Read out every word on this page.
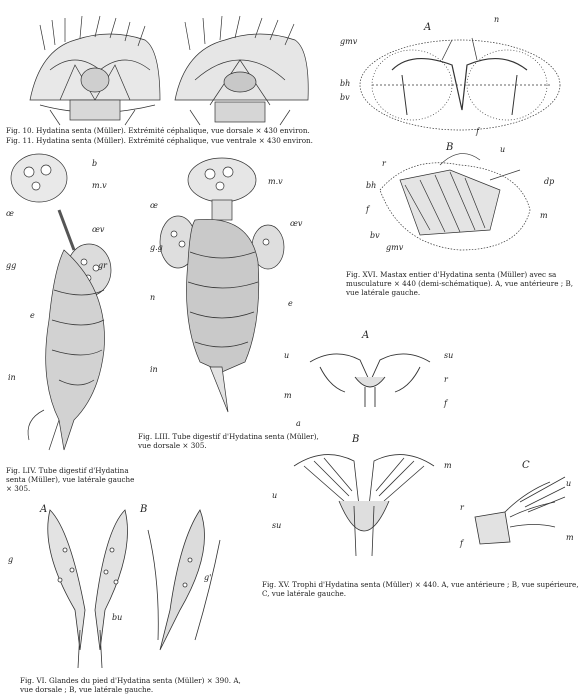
Fig. 10. Hydatina senta (Müller). Extrémité céphalique, vue dorsale × 430 environ.
Fig. 11. Hydatina senta (Müller). Extrémité céphalique, vue ventrale × 430 environ.
A
gmv
n
bh
bv
f
B
r
bh
f
bv
gmv
dp
m
u
Fig. XVI. Mastax entier d'Hydatina senta (Müller) avec sa musculature × 440 (demi-schématique). A, vue antérieure ; B, vue latérale gauche.
b
m.v
œ
œv
gg	gr
e
in
Fig. LIV. Tube digestif d'Hydatina senta (Müller), vue latérale gauche × 305.
m.v
œ
œv
g.g
n
e
in
a
Fig. LIII. Tube digestif d'Hydatina senta (Müller), vue dorsale × 305.
A
u	su
m
r
f
B
m
u
su
r
f
C
u
m
Fig. XV. Trophi d'Hydatina senta (Müller) × 440. A, vue antérieure ; B, vue supérieure, C, vue latérale gauche.
A	B
g
g'
bu
Fig. VI. Glandes du pied d'Hydatina senta (Müller) × 390. A, vue dorsale ; B, vue latérale gauche.
